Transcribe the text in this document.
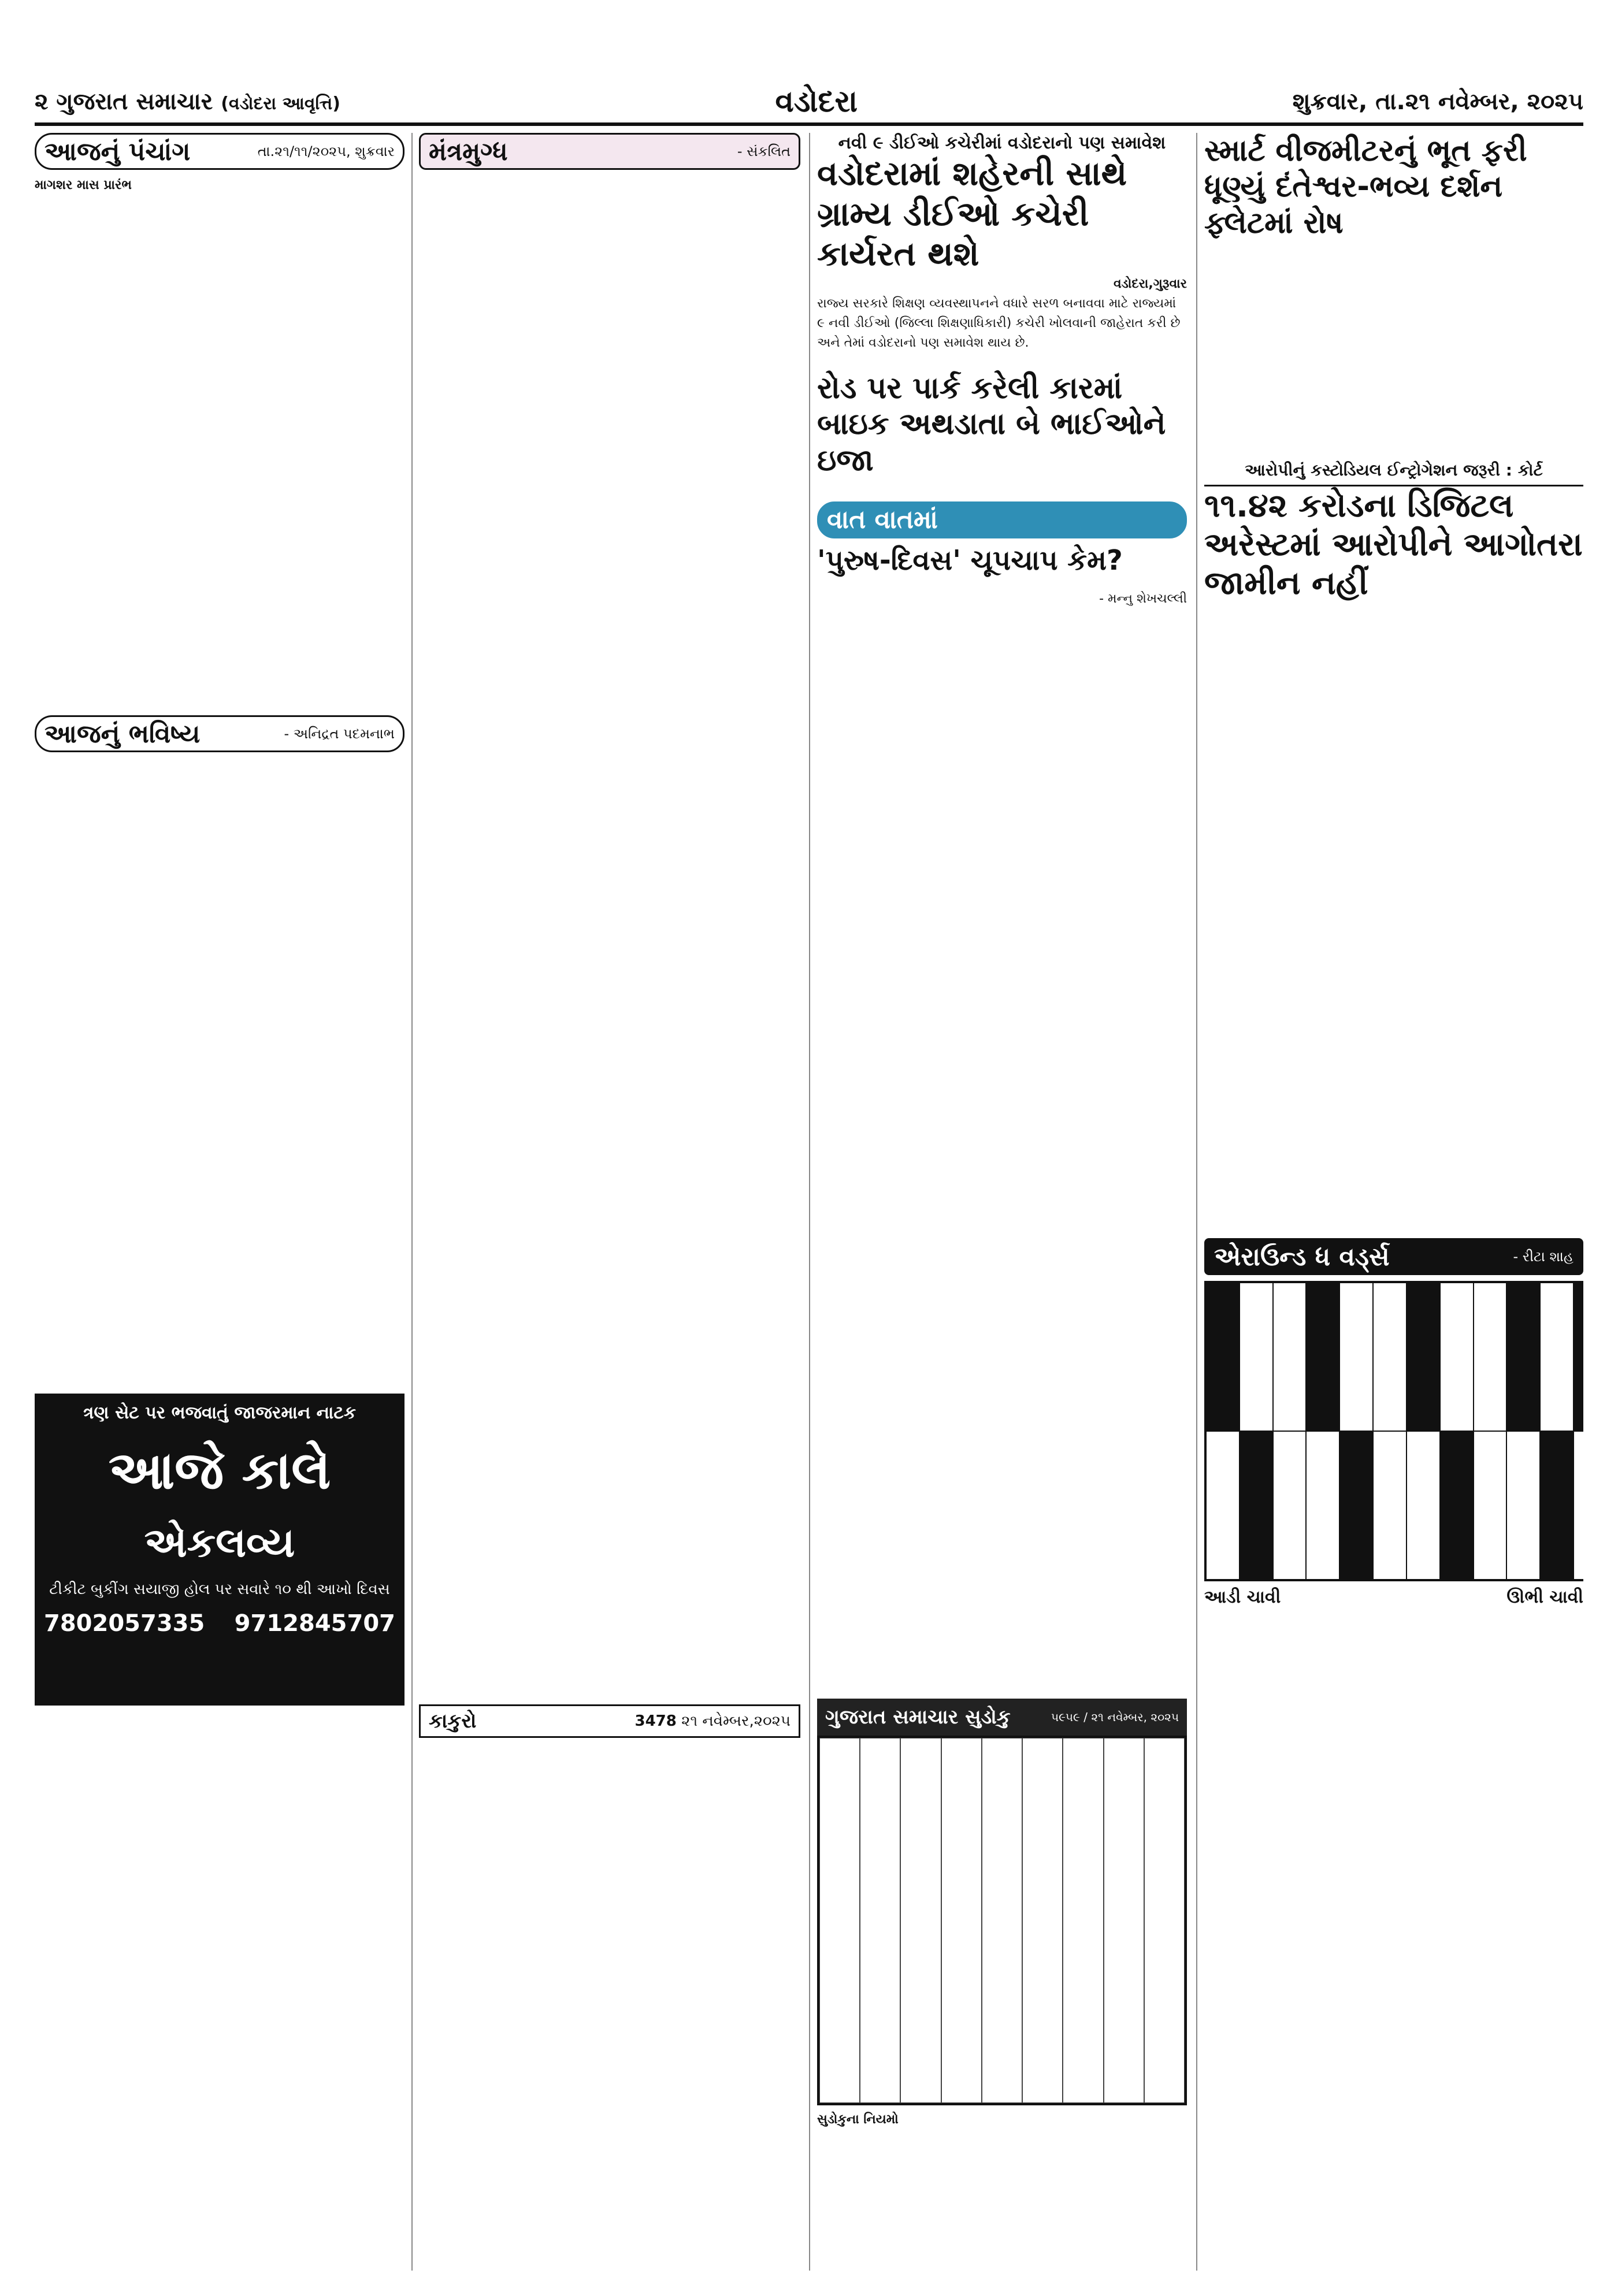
૨ ગુજરાત સમાચાર (વડોદરા આવૃત્તિ)	વડોદરા	શુક્રવાર, તા.૨૧ નવેમ્બર, ૨૦૨૫
આજનું પંચાંગ	તા.૨૧/૧૧/૨૦૨૫, શુક્રવાર
માગશર માસ પ્રારંભ
આજનું ભવિષ્ય	- અનિદ્રત પદમનાભ
ત્રણ સેટ પર ભજવાતું જાજરમાન નાટક
આજે કાલે
એકલવ્ય
ટીકીટ બુકીંગ સયાજી હોલ પર સવારે ૧૦ થી આખો દિવસ
7802057335 9712845707
મંત્રમુગ્ધ	- સંકલિત	નવી ૯ ડીઈઓ કચેરીમાં વડોદરાનો પણ સમાવેશ
વડોદરામાં શહેરની સાથે ગ્રામ્ય ડીઈઓ કચેરી કાર્યરત થશે
વડોદરા,ગુરૂવાર
રાજ્ય સરકારે શિક્ષણ વ્યવસ્થાપનને વધારે સરળ બનાવવા માટે રાજ્યમાં ૯ નવી ડીઈઓ (જિલ્લા શિક્ષણાધિકારી) કચેરી ખોલવાની જાહેરાત કરી છે અને તેમાં વડોદરાનો પણ સમાવેશ થાય છે.
રોડ પર પાર્ક કરેલી કારમાં બાઇક અથડાતા બે ભાઈઓને ઇજા
વાત વાતમાં
'પુરુષ-દિવસ' ચૂપચાપ કેમ?
- મન્નુ શેખચલ્લી
સ્માર્ટ વીજમીટરનું ભૂત ફરી ધૂણ્યું દંતેશ્વર-ભવ્ય દર્શન ફ્લેટમાં રોષ
આરોપીનું કસ્ટોડિયલ ઈન્ટ્રોગેશન જરૂરી : કોર્ટ
૧૧.૪૨ કરોડના ડિજિટલ અરેસ્ટમાં આરોપીને આગોતરા જામીન નહીં
એરાઉન્ડ ધ વર્ડ્સ	- રીટા શાહ
આડી ચાવી	ઊભી ચાવી
ગુજરાત સમાચાર સુડોકુ	૫૯૫૯ / ૨૧ નવેમ્બર, ૨૦૨૫
સુડોકુના નિયમો
કાકુરો	3478 ૨૧ નવેમ્બર,૨૦૨૫
